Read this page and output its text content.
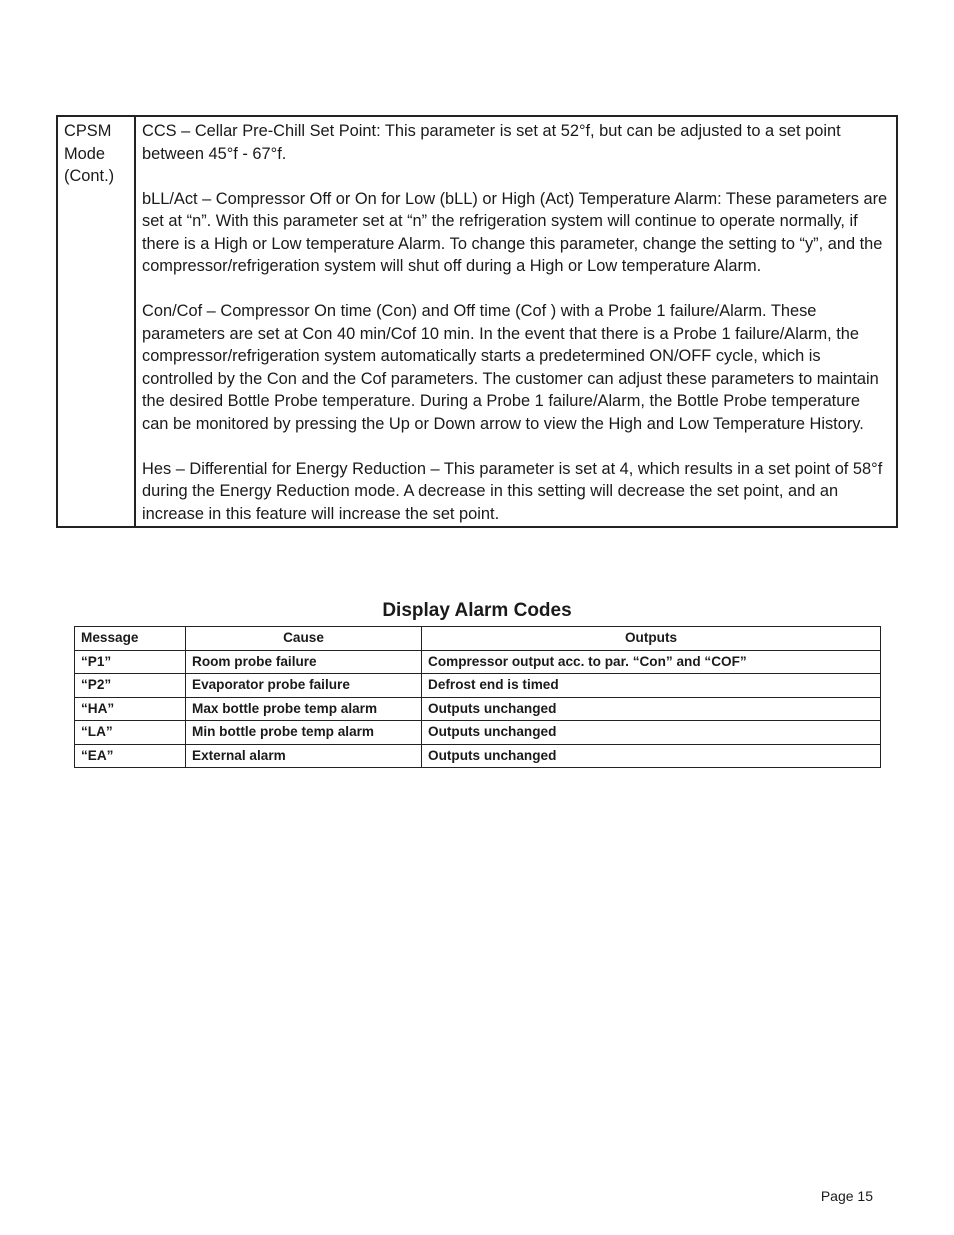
CPSM Mode (Cont.)	

CCS – Cellar Pre-Chill Set Point: This parameter is set at 52°f, but can be adjusted to a set point between 45°f - 67°f.

bLL/Act – Compressor Off or On for Low (bLL) or High (Act) Temperature Alarm: These parameters are set at “n”. With this parameter set at “n” the refrigeration system will continue to operate normally, if there is a High or Low temperature Alarm. To change this parameter, change the setting to “y”, and the compressor/refrigeration system will shut off during a High or Low temperature Alarm.

Con/Cof – Compressor On time (Con) and Off time (Cof ) with a Probe 1 failure/Alarm. These parameters are set at Con 40 min/Cof 10 min. In the event that there is a Probe 1 failure/Alarm, the compressor/refrigeration system automatically starts a predetermined ON/OFF cycle, which is controlled by the Con and the Cof parameters. The customer can adjust these parameters to maintain the desired Bottle Probe temperature. During a Probe 1 failure/Alarm, the Bottle Probe temperature can be monitored by pressing the Up or Down arrow to view the High and Low Temperature History.

Hes – Differential for Energy Reduction – This parameter is set at 4, which results in a set point of 58°f during the Energy Reduction mode. A decrease in this setting will decrease the set point, and an increase in this feature will increase the set point.

Display Alarm Codes
Message	Cause	Outputs
“P1”	Room probe failure	Compressor output acc. to par. “Con” and “COF”
“P2”	Evaporator probe failure	Defrost end is timed
“HA”	Max bottle probe temp alarm	Outputs unchanged
“LA”	Min bottle probe temp alarm	Outputs unchanged
“EA”	External alarm	Outputs unchanged
Page 15
